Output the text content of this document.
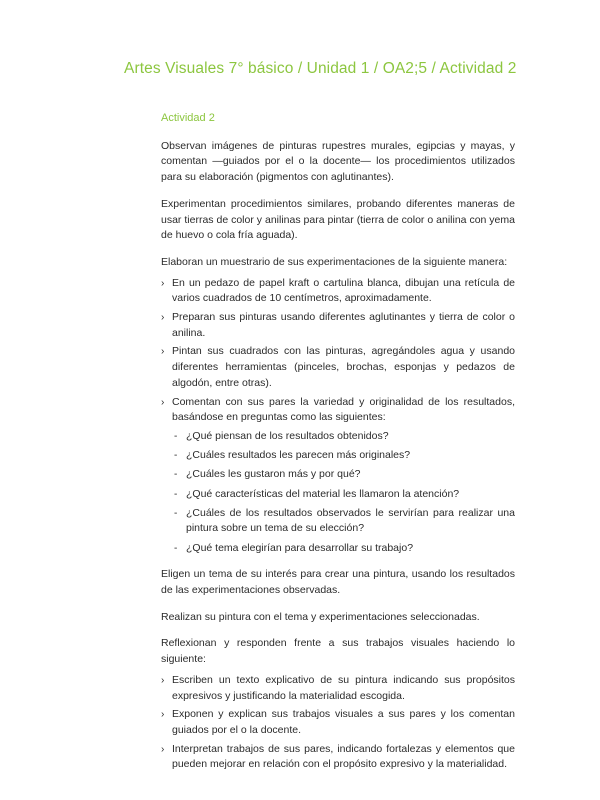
Artes Visuales 7° básico / Unidad 1 / OA2;5 / Actividad 2
Actividad 2

Observan imágenes de pinturas rupestres murales, egipcias y mayas, y comentan —guiados por el o la docente— los procedimientos utilizados para su elaboración (pigmentos con aglutinantes).

Experimentan procedimientos similares, probando diferentes maneras de usar tierras de color y anilinas para pintar (tierra de color o anilina con yema de huevo o cola fría aguada).

Elaboran un muestrario de sus experimentaciones de la siguiente manera:

› En un pedazo de papel kraft o cartulina blanca, dibujan una retícula de varios cuadrados de 10 centímetros, aproximadamente.
› Preparan sus pinturas usando diferentes aglutinantes y tierra de color o anilina.
› Pintan sus cuadrados con las pinturas, agregándoles agua y usando diferentes herramientas (pinceles, brochas, esponjas y pedazos de algodón, entre otras).
› Comentan con sus pares la variedad y originalidad de los resultados, basándose en preguntas como las siguientes:
- ¿Qué piensan de los resultados obtenidos?
- ¿Cuáles resultados les parecen más originales?
- ¿Cuáles les gustaron más y por qué?
- ¿Qué características del material les llamaron la atención?
- ¿Cuáles de los resultados observados le servirían para realizar una pintura sobre un tema de su elección?
- ¿Qué tema elegirían para desarrollar su trabajo?

Eligen un tema de su interés para crear una pintura, usando los resultados de las experimentaciones observadas.

Realizan su pintura con el tema y experimentaciones seleccionadas.

Reflexionan y responden frente a sus trabajos visuales haciendo lo siguiente:

› Escriben un texto explicativo de su pintura indicando sus propósitos expresivos y justificando la materialidad escogida.
› Exponen y explican sus trabajos visuales a sus pares y los comentan guiados por el o la docente.
› Interpretan trabajos de sus pares, indicando fortalezas y elementos que pueden mejorar en relación con el propósito expresivo y la materialidad.
